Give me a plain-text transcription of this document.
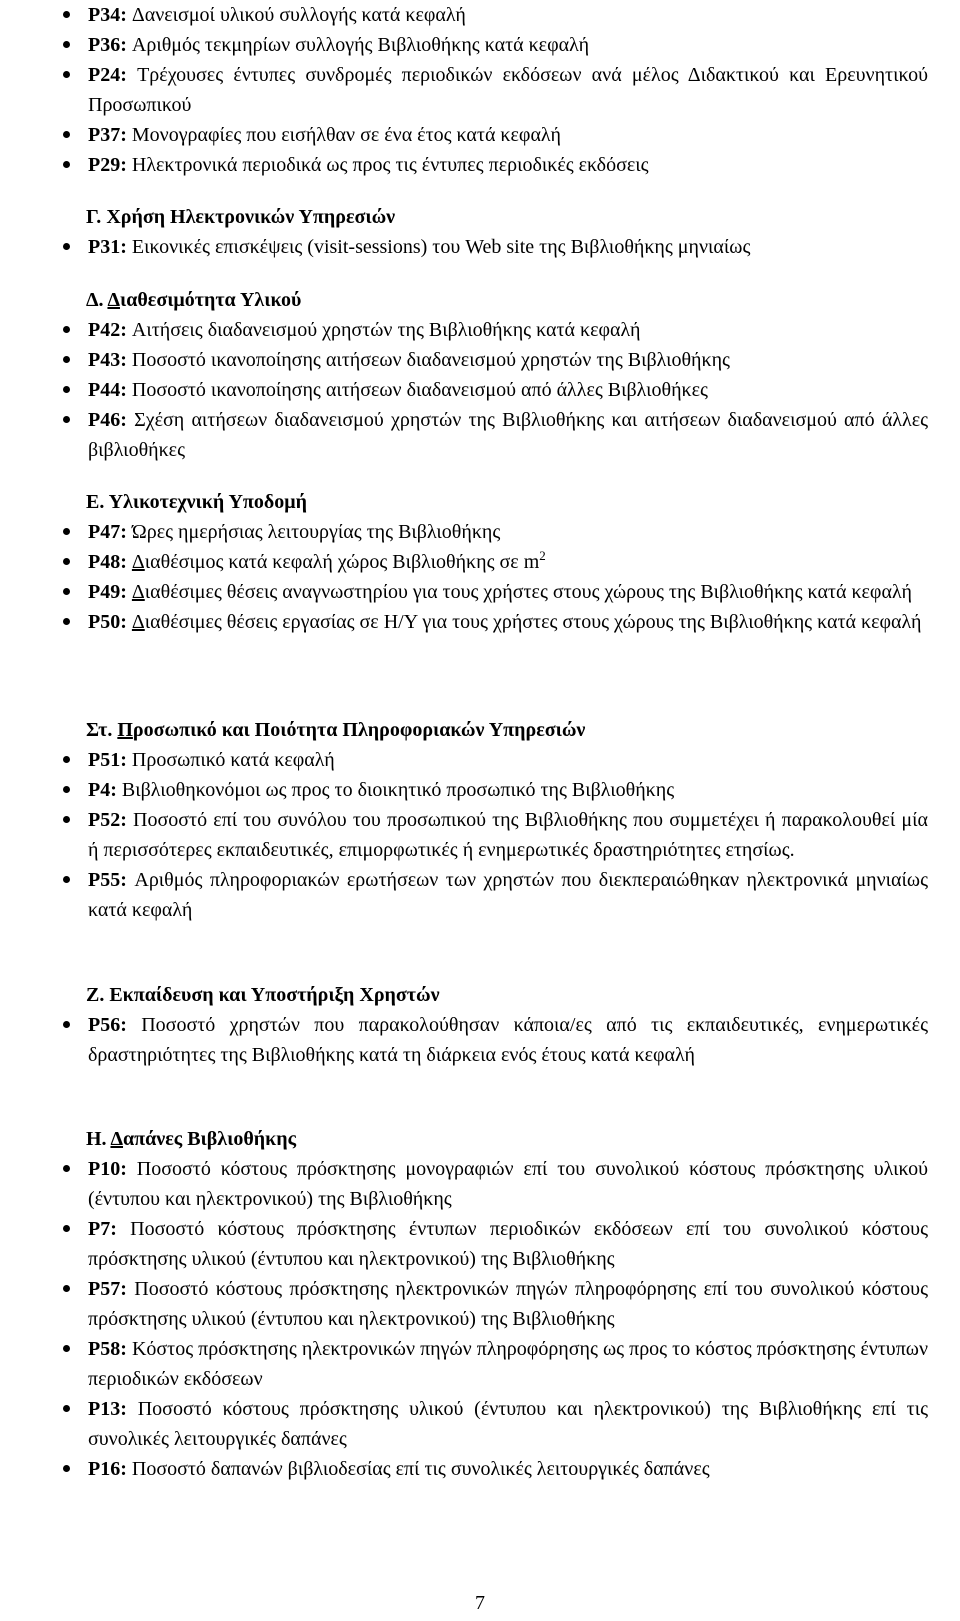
P34: Δανεισμοί υλικού συλλογής κατά κεφαλή
P36: Αριθμός τεκμηρίων συλλογής Βιβλιοθήκης κατά κεφαλή
P24: Τρέχουσες έντυπες συνδρομές περιοδικών εκδόσεων ανά μέλος Διδακτικού και Ερευνητικού Προσωπικού
P37: Μονογραφίες που εισήλθαν σε ένα έτος κατά κεφαλή
P29: Ηλεκτρονικά περιοδικά ως προς τις έντυπες περιοδικές εκδόσεις
Γ. Χρήση Ηλεκτρονικών Υπηρεσιών
P31: Εικονικές επισκέψεις (visit-sessions) του Web site της Βιβλιοθήκης μηνιαίως
Δ. Διαθεσιμότητα Υλικού
P42: Αιτήσεις διαδανεισμού χρηστών της Βιβλιοθήκης κατά κεφαλή
P43: Ποσοστό ικανοποίησης αιτήσεων διαδανεισμού χρηστών της Βιβλιοθήκης
P44: Ποσοστό ικανοποίησης αιτήσεων διαδανεισμού από άλλες Βιβλιοθήκες
P46: Σχέση αιτήσεων διαδανεισμού χρηστών της Βιβλιοθήκης και αιτήσεων διαδανεισμού από άλλες βιβλιοθήκες
Ε. Υλικοτεχνική Υποδομή
P47: Ώρες ημερήσιας λειτουργίας της Βιβλιοθήκης
P48: Διαθέσιμος κατά κεφαλή χώρος Βιβλιοθήκης σε $m^2$
P49: Διαθέσιμες θέσεις αναγνωστηρίου για τους χρήστες στους χώρους της Βιβλιοθήκης κατά κεφαλή
P50: Διαθέσιμες θέσεις εργασίας σε Η/Υ για τους χρήστες στους χώρους της Βιβλιοθήκης κατά κεφαλή
Στ. Προσωπικό και Ποιότητα Πληροφοριακών Υπηρεσιών
P51: Προσωπικό κατά κεφαλή
P4: Βιβλιοθηκονόμοι ως προς το διοικητικό προσωπικό της Βιβλιοθήκης
P52: Ποσοστό επί του συνόλου του προσωπικού της Βιβλιοθήκης που συμμετέχει ή παρακολουθεί μία ή περισσότερες εκπαιδευτικές, επιμορφωτικές ή ενημερωτικές δραστηριότητες ετησίως.
P55: Αριθμός πληροφοριακών ερωτήσεων των χρηστών που διεκπεραιώθηκαν ηλεκτρονικά μηνιαίως κατά κεφαλή
Ζ. Εκπαίδευση και Υποστήριξη Χρηστών
P56: Ποσοστό χρηστών που παρακολούθησαν κάποια/ες από τις εκπαιδευτικές, ενημερωτικές δραστηριότητες της Βιβλιοθήκης κατά τη διάρκεια ενός έτους κατά κεφαλή
Η. Δαπάνες Βιβλιοθήκης
P10: Ποσοστό κόστους πρόσκτησης μονογραφιών επί του συνολικού κόστους πρόσκτησης υλικού (έντυπου και ηλεκτρονικού) της Βιβλιοθήκης
P7: Ποσοστό κόστους πρόσκτησης έντυπων περιοδικών εκδόσεων επί του συνολικού κόστους πρόσκτησης υλικού (έντυπου και ηλεκτρονικού) της Βιβλιοθήκης
P57: Ποσοστό κόστους πρόσκτησης ηλεκτρονικών πηγών πληροφόρησης επί του συνολικού κόστους πρόσκτησης υλικού (έντυπου και ηλεκτρονικού) της Βιβλιοθήκης
P58: Κόστος πρόσκτησης ηλεκτρονικών πηγών πληροφόρησης ως προς το κόστος πρόσκτησης έντυπων περιοδικών εκδόσεων
P13: Ποσοστό κόστους πρόσκτησης υλικού (έντυπου και ηλεκτρονικού) της Βιβλιοθήκης επί τις συνολικές λειτουργικές δαπάνες
P16: Ποσοστό δαπανών βιβλιοδεσίας επί τις συνολικές λειτουργικές δαπάνες
7
